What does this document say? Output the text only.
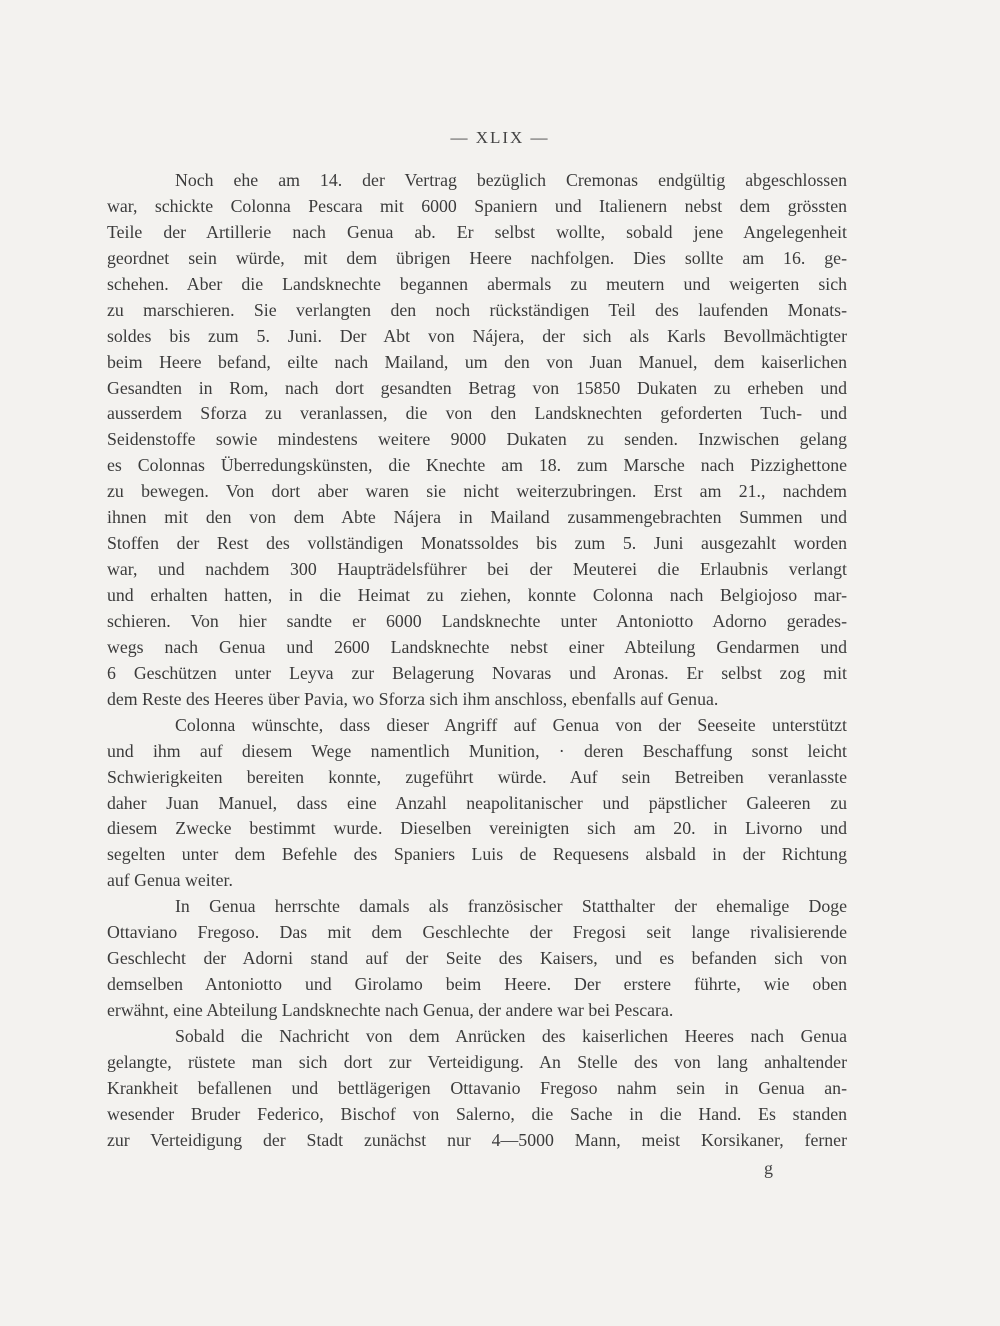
— XLIX —
Noch ehe am 14. der Vertrag bezüglich Cremonas endgültig abgeschlossen
war, schickte Colonna Pescara mit 6000 Spaniern und Italienern nebst dem grössten
Teile der Artillerie nach Genua ab. Er selbst wollte, sobald jene Angelegenheit
geordnet sein würde, mit dem übrigen Heere nachfolgen. Dies sollte am 16. ge-
schehen. Aber die Landsknechte begannen abermals zu meutern und weigerten sich
zu marschieren. Sie verlangten den noch rückständigen Teil des laufenden Monats-
soldes bis zum 5. Juni. Der Abt von Nájera, der sich als Karls Bevollmächtigter
beim Heere befand, eilte nach Mailand, um den von Juan Manuel, dem kaiserlichen
Gesandten in Rom, nach dort gesandten Betrag von 15850 Dukaten zu erheben und
ausserdem Sforza zu veranlassen, die von den Landsknechten geforderten Tuch- und
Seidenstoffe sowie mindestens weitere 9000 Dukaten zu senden. Inzwischen gelang
es Colonnas Überredungskünsten, die Knechte am 18. zum Marsche nach Pizzighettone
zu bewegen. Von dort aber waren sie nicht weiterzubringen. Erst am 21., nachdem
ihnen mit den von dem Abte Nájera in Mailand zusammengebrachten Summen und
Stoffen der Rest des vollständigen Monatssoldes bis zum 5. Juni ausgezahlt worden
war, und nachdem 300 Haupträdelsführer bei der Meuterei die Erlaubnis verlangt
und erhalten hatten, in die Heimat zu ziehen, konnte Colonna nach Belgiojoso mar-
schieren. Von hier sandte er 6000 Landsknechte unter Antoniotto Adorno gerades-
wegs nach Genua und 2600 Landsknechte nebst einer Abteilung Gendarmen und
6 Geschützen unter Leyva zur Belagerung Novaras und Aronas. Er selbst zog mit
dem Reste des Heeres über Pavia, wo Sforza sich ihm anschloss, ebenfalls auf Genua.
Colonna wünschte, dass dieser Angriff auf Genua von der Seeseite unterstützt
und ihm auf diesem Wege namentlich Munition, · deren Beschaffung sonst leicht
Schwierigkeiten bereiten konnte, zugeführt würde. Auf sein Betreiben veranlasste
daher Juan Manuel, dass eine Anzahl neapolitanischer und päpstlicher Galeeren zu
diesem Zwecke bestimmt wurde. Dieselben vereinigten sich am 20. in Livorno und
segelten unter dem Befehle des Spaniers Luis de Requesens alsbald in der Richtung
auf Genua weiter.
In Genua herrschte damals als französischer Statthalter der ehemalige Doge
Ottaviano Fregoso. Das mit dem Geschlechte der Fregosi seit lange rivalisierende
Geschlecht der Adorni stand auf der Seite des Kaisers, und es befanden sich von
demselben Antoniotto und Girolamo beim Heere. Der erstere führte, wie oben
erwähnt, eine Abteilung Landsknechte nach Genua, der andere war bei Pescara.
Sobald die Nachricht von dem Anrücken des kaiserlichen Heeres nach Genua
gelangte, rüstete man sich dort zur Verteidigung. An Stelle des von lang anhaltender
Krankheit befallenen und bettlägerigen Ottavanio Fregoso nahm sein in Genua an-
wesender Bruder Federico, Bischof von Salerno, die Sache in die Hand. Es standen
zur Verteidigung der Stadt zunächst nur 4—5000 Mann, meist Korsikaner, ferner
g
